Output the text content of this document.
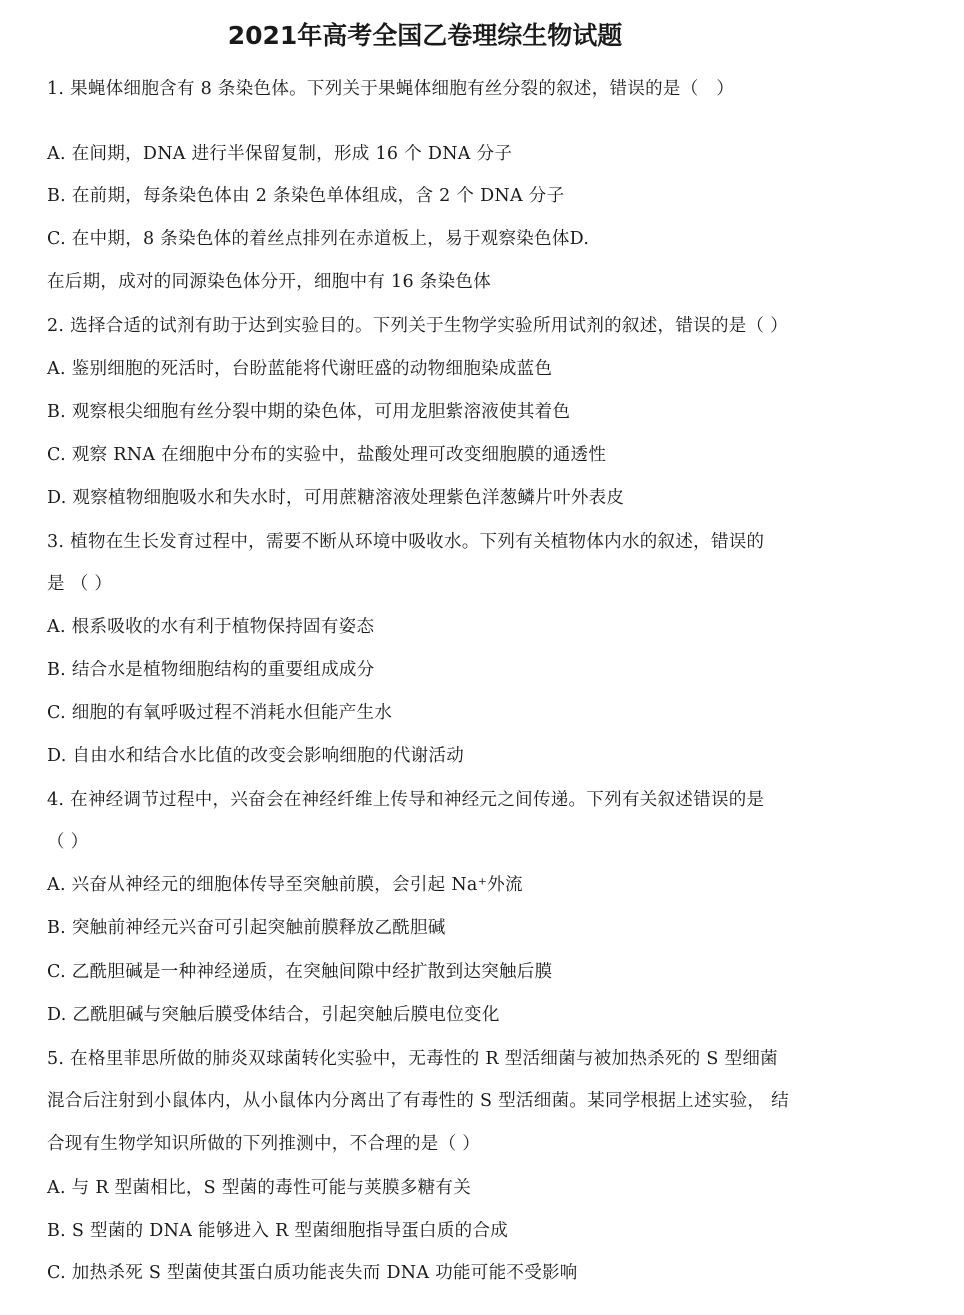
2021年高考全国乙卷理综生物试题
1. 果蝇体细胞含有 8 条染色体。下列关于果蝇体细胞有丝分裂的叙述，错误的是（　）
A. 在间期，DNA 进行半保留复制，形成 16 个 DNA 分子
B. 在前期，每条染色体由 2 条染色单体组成，含 2 个 DNA 分子
C. 在中期，8 条染色体的着丝点排列在赤道板上，易于观察染色体D.
在后期，成对的同源染色体分开，细胞中有 16 条染色体
2. 选择合适的试剂有助于达到实验目的。下列关于生物学实验所用试剂的叙述，错误的是（ ）
A. 鉴别细胞的死活时，台盼蓝能将代谢旺盛的动物细胞染成蓝色
B. 观察根尖细胞有丝分裂中期的染色体，可用龙胆紫溶液使其着色
C. 观察 RNA 在细胞中分布的实验中，盐酸处理可改变细胞膜的通透性
D. 观察植物细胞吸水和失水时，可用蔗糖溶液处理紫色洋葱鳞片叶外表皮
3. 植物在生长发育过程中，需要不断从环境中吸收水。下列有关植物体内水的叙述，错误的
是 （ ）
A. 根系吸收的水有利于植物保持固有姿态
B. 结合水是植物细胞结构的重要组成成分
C. 细胞的有氧呼吸过程不消耗水但能产生水
D. 自由水和结合水比值的改变会影响细胞的代谢活动
4. 在神经调节过程中，兴奋会在神经纤维上传导和神经元之间传递。下列有关叙述错误的是
（ ）
A. 兴奋从神经元的细胞体传导至突触前膜，会引起 Na⁺外流
B. 突触前神经元兴奋可引起突触前膜释放乙酰胆碱
C. 乙酰胆碱是一种神经递质，在突触间隙中经扩散到达突触后膜
D. 乙酰胆碱与突触后膜受体结合，引起突触后膜电位变化
5. 在格里菲思所做的肺炎双球菌转化实验中，无毒性的 R 型活细菌与被加热杀死的 S 型细菌
混合后注射到小鼠体内，从小鼠体内分离出了有毒性的 S 型活细菌。某同学根据上述实验， 结
合现有生物学知识所做的下列推测中，不合理的是（ ）
A. 与 R 型菌相比，S 型菌的毒性可能与荚膜多糖有关
B. S 型菌的 DNA 能够进入 R 型菌细胞指导蛋白质的合成
C. 加热杀死 S 型菌使其蛋白质功能丧失而 DNA 功能可能不受影响
